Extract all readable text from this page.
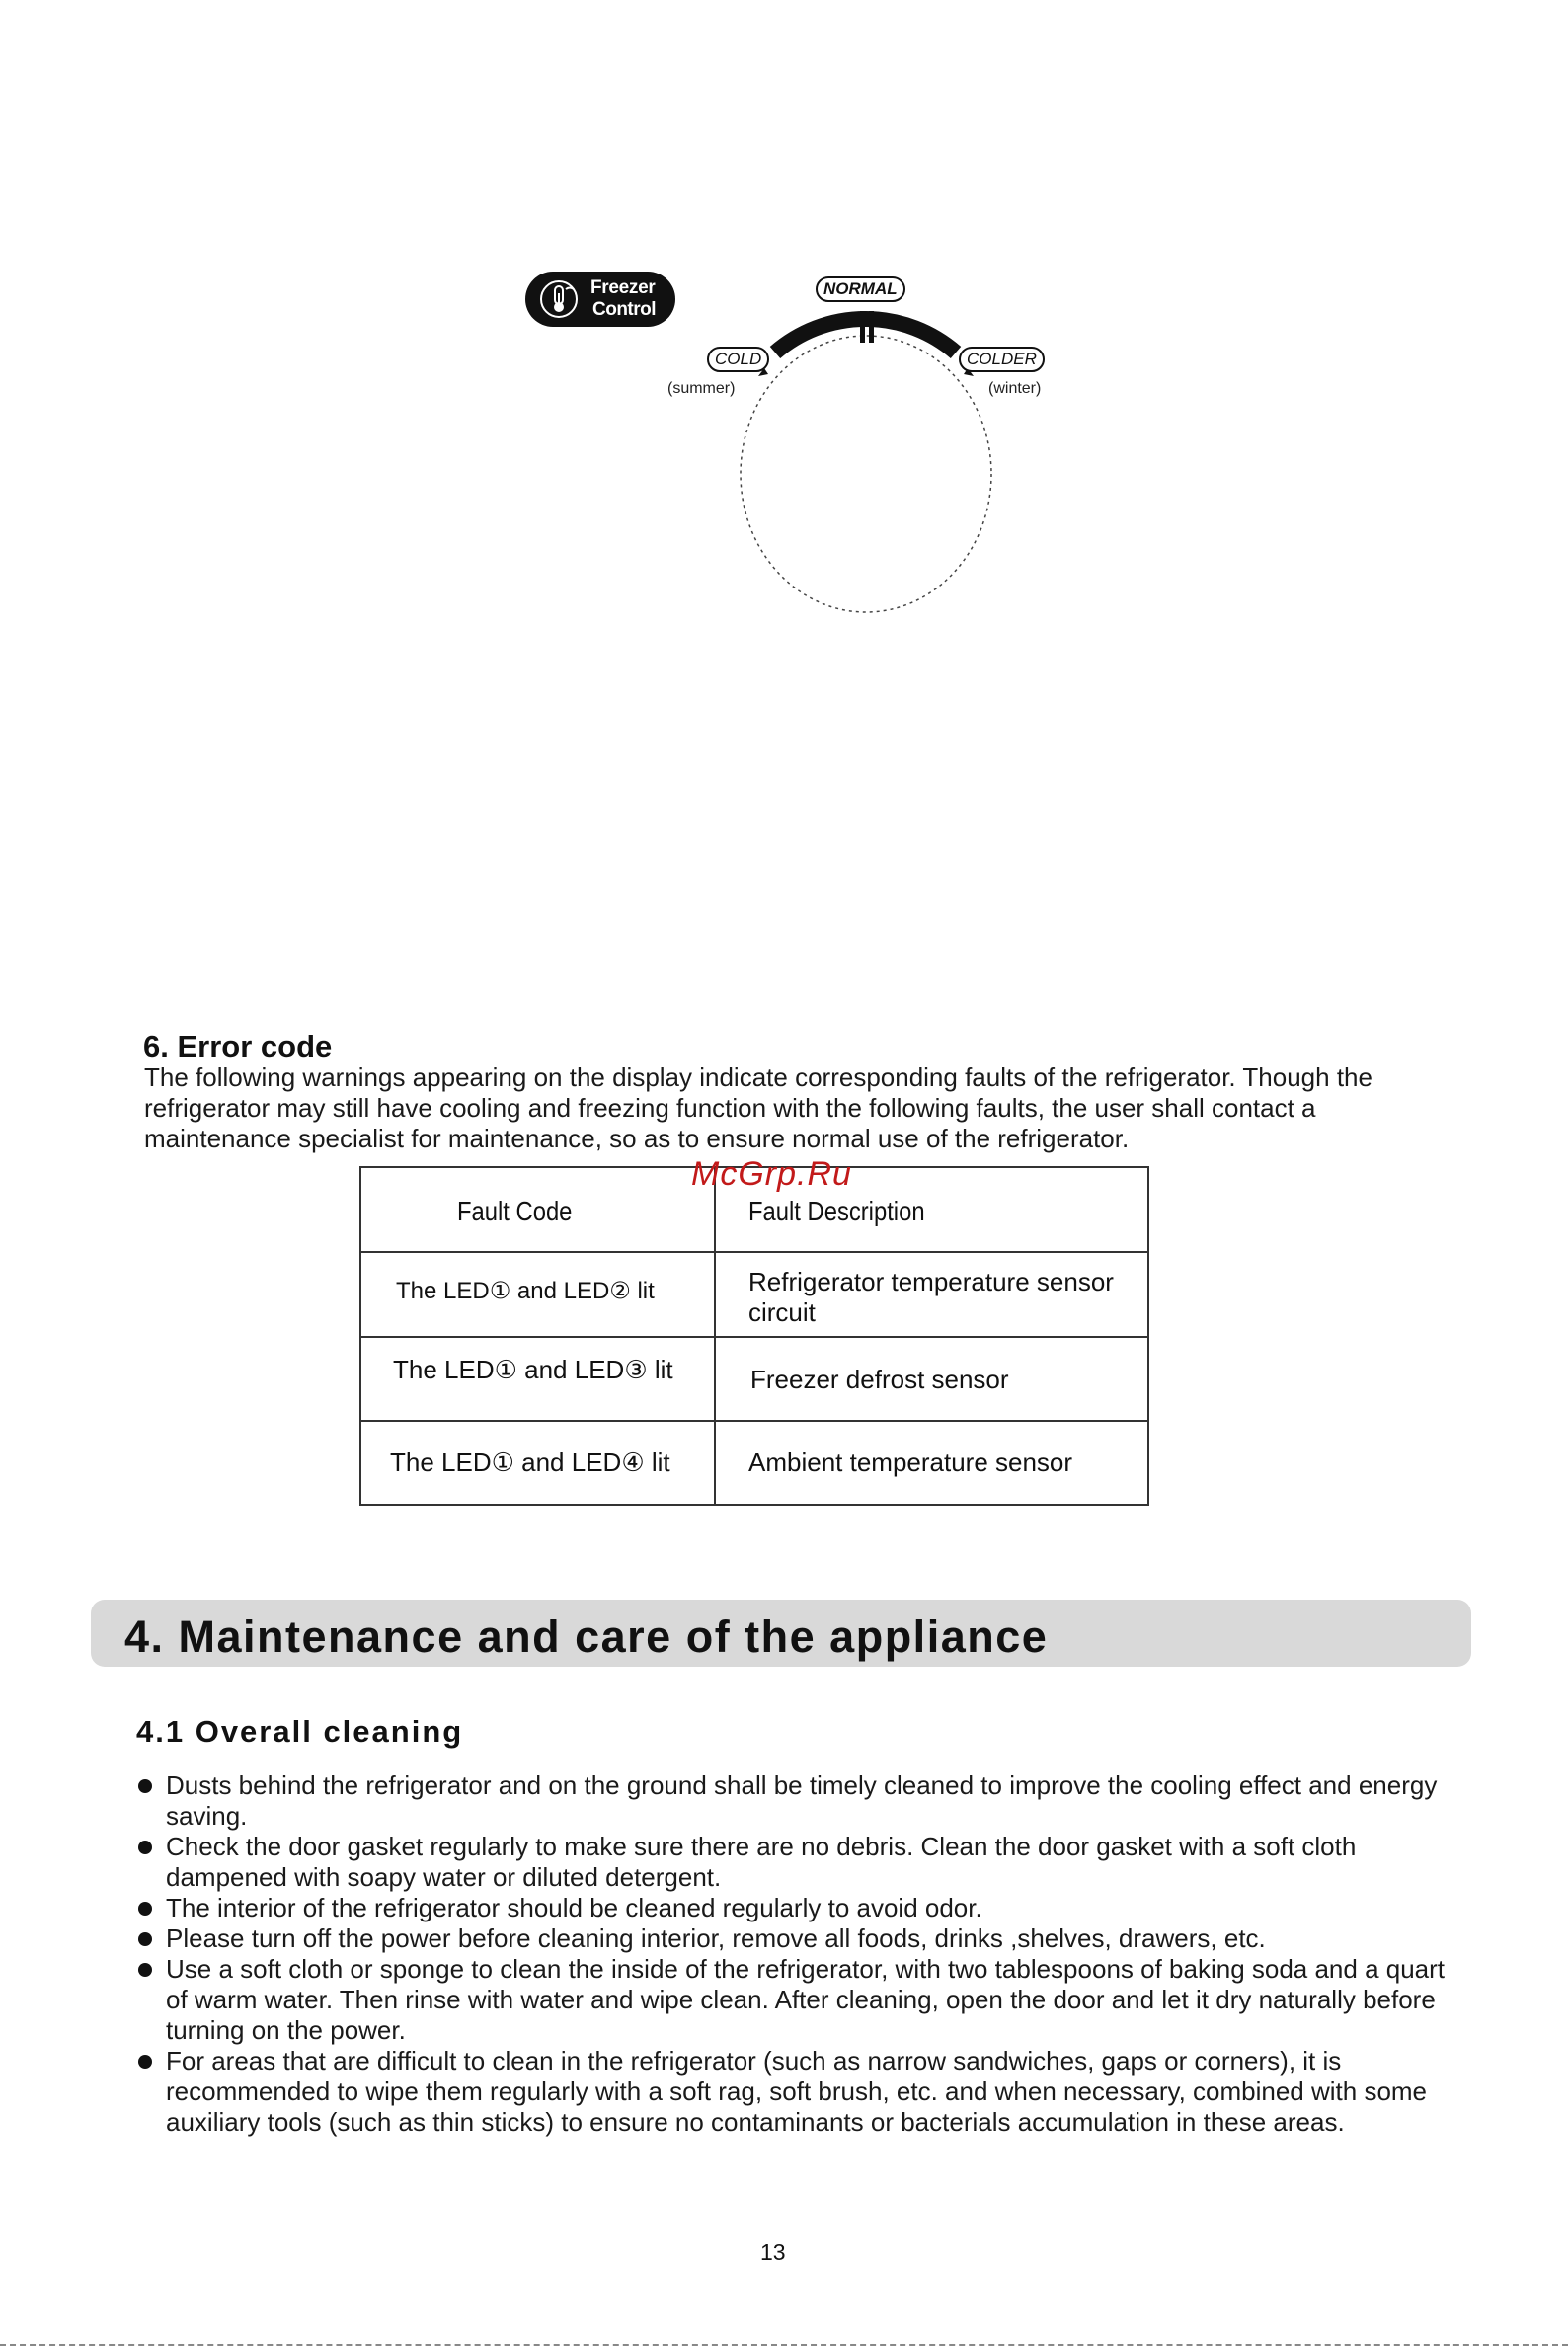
Freezer
Control
NORMAL
COLD
(summer)
COLDER
(winter)
6. Error code
The following warnings appearing on the display indicate corresponding faults of the refrigerator. Though the refrigerator may still have cooling and freezing function with the following faults, the user shall contact a maintenance specialist for maintenance, so as to ensure normal use of the refrigerator.
Fault Code	Fault Description
The LED① and LED② lit	Refrigerator temperature sensor circuit
The LED① and LED③ lit	Freezer defrost sensor
The LED① and LED④ lit	Ambient temperature sensor
McGrp.Ru
4. Maintenance and care of the appliance
4.1 Overall cleaning
Dusts behind the refrigerator and on the ground shall be timely cleaned to improve the cooling effect and energy saving.
Check the door gasket regularly to make sure there are no debris. Clean the door gasket with a soft cloth dampened with soapy water or diluted detergent.
The interior of the refrigerator should be cleaned regularly to avoid odor.
Please turn off the power before cleaning interior, remove all foods, drinks ,shelves, drawers, etc.
Use a soft cloth or sponge to clean the inside of the refrigerator, with two tablespoons of baking soda and a quart of warm water. Then rinse with water and wipe clean. After cleaning, open the door and let it dry naturally before turning on the power.
For areas that are difficult to clean in the refrigerator (such as narrow sandwiches, gaps or corners), it is recommended to wipe them regularly with a soft rag, soft brush, etc. and when necessary, combined with some auxiliary tools (such as thin sticks) to ensure no contaminants or bacterials accumulation in these areas.
13
